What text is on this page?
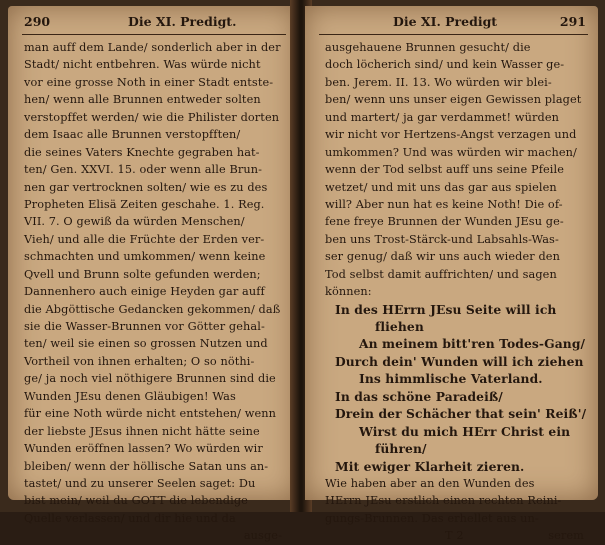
290	Die XI. Predigt.
man auff dem Lande/ sonderlich aber in der
Stadt/ nicht entbehren. Was würde nicht
vor eine grosse Noth in einer Stadt entste-
hen/ wenn alle Brunnen entweder solten
verstopffet werden/ wie die Philister dorten
dem Isaac alle Brunnen verstopfften/
die seines Vaters Knechte gegraben hat-
ten/ Gen. XXVI. 15. oder wenn alle Brun-
nen gar vertrocknen solten/ wie es zu des
Propheten Elisä Zeiten geschahe. 1. Reg.
VII. 7. O gewiß da würden Menschen/
Vieh/ und alle die Früchte der Erden ver-
schmachten und umkommen/ wenn keine
Qvell und Brunn solte gefunden werden;
Dannenhero auch einige Heyden gar auff
die Abgöttische Gedancken gekommen/ daß
sie die Wasser-Brunnen vor Götter gehal-
ten/ weil sie einen so grossen Nutzen und
Vortheil von ihnen erhalten; O so nöthi-
ge/ ja noch viel nöthigere Brunnen sind die
Wunden JEsu denen Gläubigen! Was
für eine Noth würde nicht entstehen/ wenn
der liebste JEsus ihnen nicht hätte seine
Wunden eröffnen lassen? Wo würden wir
bleiben/ wenn der höllische Satan uns an-
tastet/ und zu unserer Seelen saget: Du
bist mein/ weil du GOTT die lebendige
Quelle verlassen/ und dir hie und da
ausge-
Die XI. Predigt	291
ausgehauene Brunnen gesucht/ die
doch löcherich sind/ und kein Wasser ge-
ben. Jerem. II. 13. Wo würden wir blei-
ben/ wenn uns unser eigen Gewissen plaget
und martert/ ja gar verdammet! würden
wir nicht vor Hertzens-Angst verzagen und
umkommen? Und was würden wir machen/
wenn der Tod selbst auff uns seine Pfeile
wetzet/ und mit uns das gar aus spielen
will? Aber nun hat es keine Noth! Die of-
fene freye Brunnen der Wunden JEsu ge-
ben uns Trost-Stärck-und Labsahls-Was-
ser genug/ daß wir uns auch wieder den
Tod selbst damit auffrichten/ und sagen
können:
In des HErrn JEsu Seite will ich
fliehen
An meinem bitt'ren Todes-Gang/
Durch dein' Wunden will ich ziehen
Ins himmlische Vaterland.
In das schöne Paradeiß/
Drein der Schächer that sein' Reiß'/
Wirst du mich HErr Christ ein
führen/
Mit ewiger Klarheit zieren.
Wie haben aber an den Wunden des
HErrn JEsu erstlich einen rechten Reini-
gungs-Brunnen. Das erhellet aus un-
T 2	serem
